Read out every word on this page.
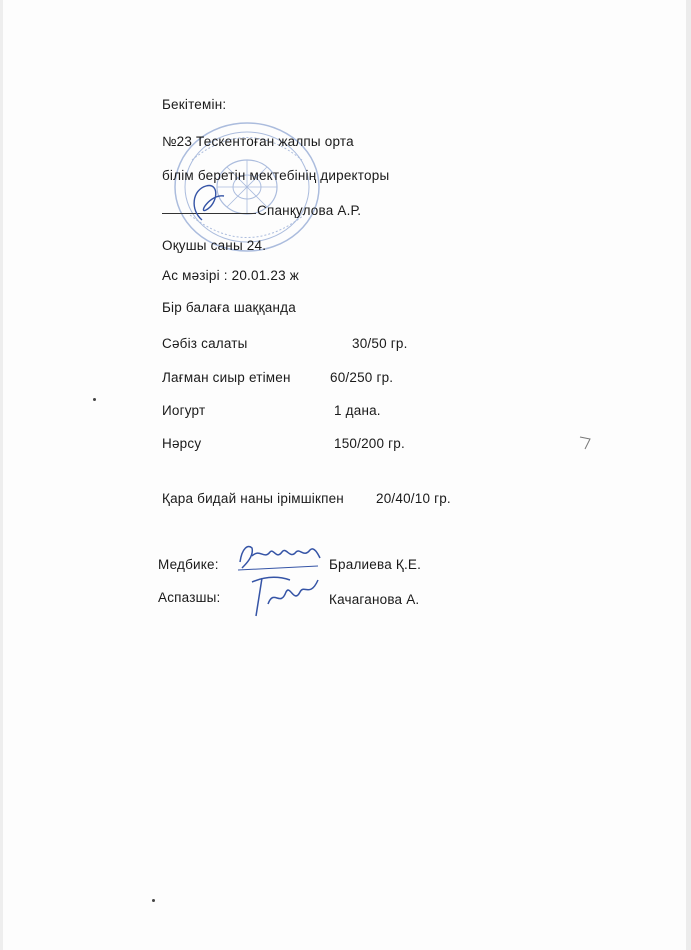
Бекітемін:
№23 Тескентоған жалпы орта
білім беретін мектебінің директоры
Спанқулова А.Р.
Оқушы саны 24.
Ас мәзірі : 20.01.23 ж
Бір балаға шаққанда
Сәбіз салаты	30/50 гр.
Лағман сиыр етімен	60/250 гр.
Иогурт	1 дана.
Нәрсу	150/200 гр.
Қара бидай наны ірімшікпен 20/40/10 гр.
Медбике:	Бралиева Қ.Е.
Аспазшы:	Качаганова А.
